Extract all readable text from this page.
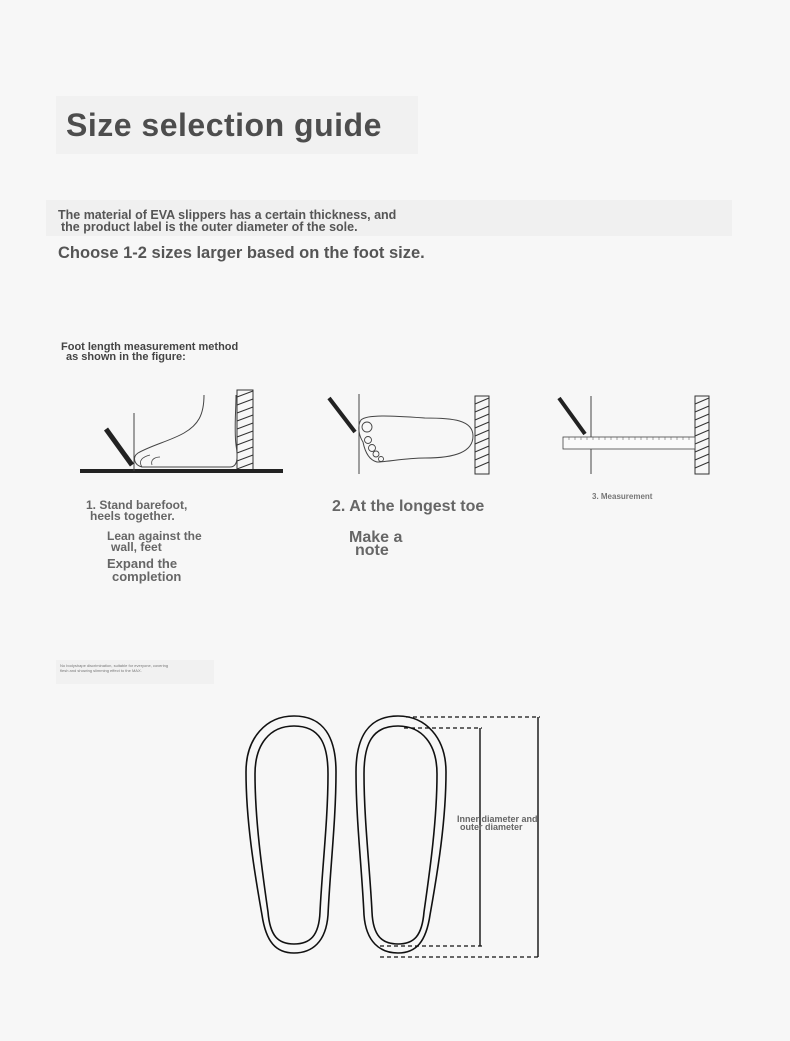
Size selection guide
The material of EVA slippers has a certain thickness, and
the product label is the outer diameter of the sole.
Choose 1-2 sizes larger based on the foot size.
Foot length measurement method
as shown in the figure:
1. Stand barefoot,
heels together.
Lean against the
wall, feet
Expand the
completion
2. At the longest toe
Make a
note
3. Measurement
No bodyshape discrimination, suitable for everyone, covering
flesh and showing slimming effect to the MAX.
Inner diameter and
outer diameter
